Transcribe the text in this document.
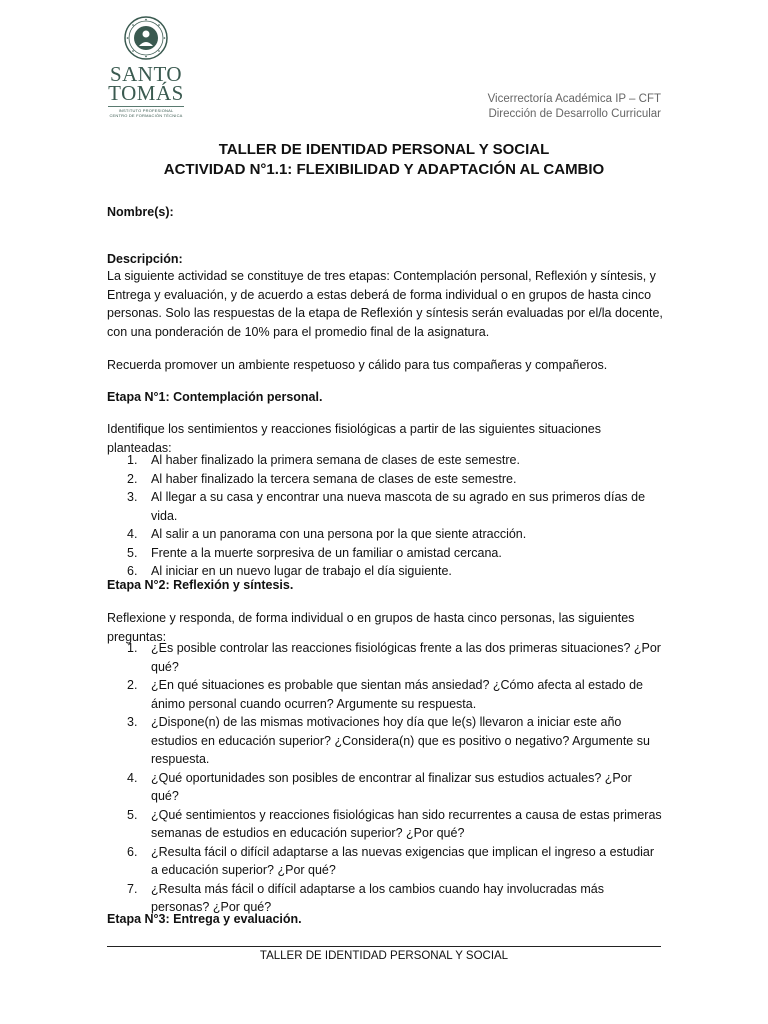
SANTO
TOMÁS
INSTITUTO PROFESIONAL
CENTRO DE FORMACIÓN TÉCNICA
Vicerrectoría Académica IP – CFT
Dirección de Desarrollo Curricular
TALLER DE IDENTIDAD PERSONAL Y SOCIAL
ACTIVIDAD N°1.1: FLEXIBILIDAD Y ADAPTACIÓN AL CAMBIO

Nombre(s):

Descripción:

La siguiente actividad se constituye de tres etapas: Contemplación personal, Reflexión y síntesis, y Entrega y evaluación, y de acuerdo a estas deberá de forma individual o en grupos de hasta cinco personas. Solo las respuestas de la etapa de Reflexión y síntesis serán evaluadas por el/la docente, con una ponderación de 10% para el promedio final de la asignatura.

Recuerda promover un ambiente respetuoso y cálido para tus compañeras y compañeros.

Etapa N°1: Contemplación personal.

Identifique los sentimientos y reacciones fisiológicas a partir de las siguientes situaciones planteadas:

1. Al haber finalizado la primera semana de clases de este semestre.
2. Al haber finalizado la tercera semana de clases de este semestre.
3. Al llegar a su casa y encontrar una nueva mascota de su agrado en sus primeros días de vida.
4. Al salir a un panorama con una persona por la que siente atracción.
5. Frente a la muerte sorpresiva de un familiar o amistad cercana.
6. Al iniciar en un nuevo lugar de trabajo el día siguiente.

Etapa N°2: Reflexión y síntesis.

Reflexione y responda, de forma individual o en grupos de hasta cinco personas, las siguientes preguntas:

1. ¿Es posible controlar las reacciones fisiológicas frente a las dos primeras situaciones? ¿Por qué?
2. ¿En qué situaciones es probable que sientan más ansiedad? ¿Cómo afecta al estado de ánimo personal cuando ocurren? Argumente su respuesta.
3. ¿Dispone(n) de las mismas motivaciones hoy día que le(s) llevaron a iniciar este año estudios en educación superior? ¿Considera(n) que es positivo o negativo? Argumente su respuesta.
4. ¿Qué oportunidades son posibles de encontrar al finalizar sus estudios actuales? ¿Por qué?
5. ¿Qué sentimientos y reacciones fisiológicas han sido recurrentes a causa de estas primeras semanas de estudios en educación superior? ¿Por qué?
6. ¿Resulta fácil o difícil adaptarse a las nuevas exigencias que implican el ingreso a estudiar a educación superior? ¿Por qué?
7. ¿Resulta más fácil o difícil adaptarse a los cambios cuando hay involucradas más personas? ¿Por qué?

Etapa N°3: Entrega y evaluación.

TALLER DE IDENTIDAD PERSONAL Y SOCIAL
